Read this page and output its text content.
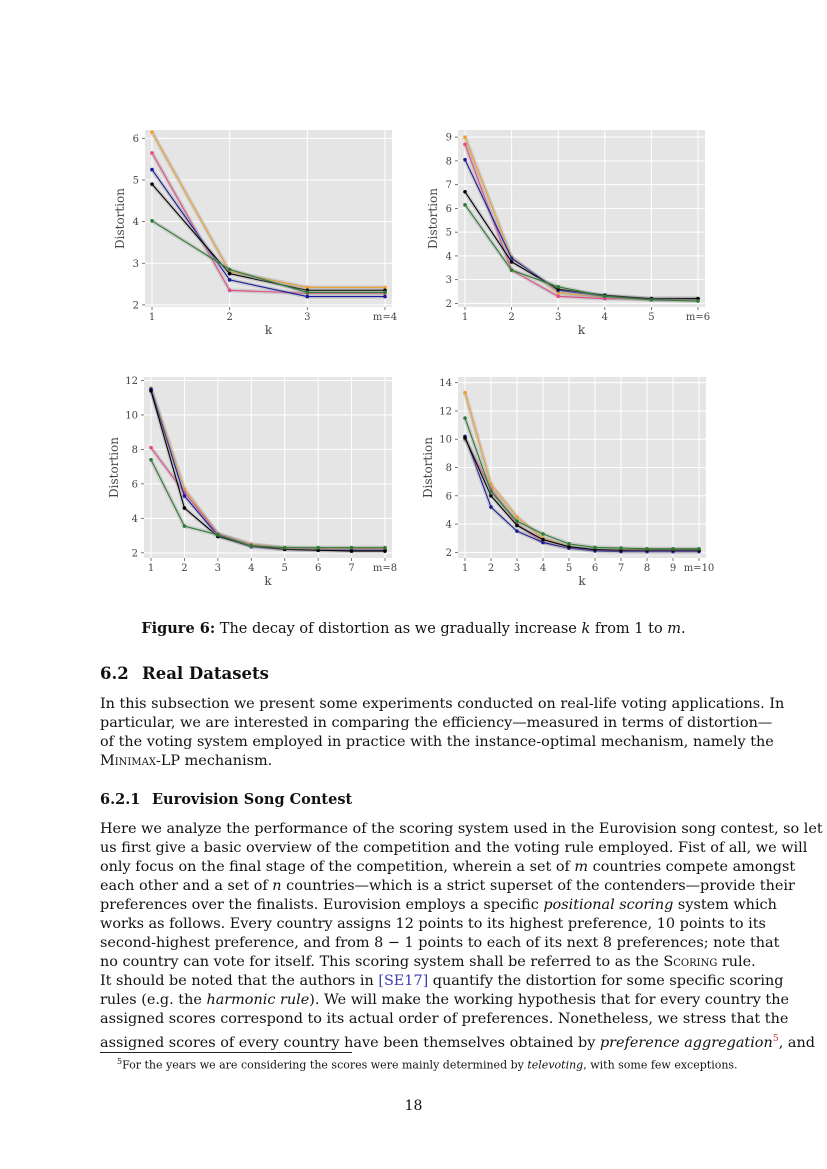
2
3
4
5
6
1	2	3	m=4
k
Distortion
2
3
4
5
6
7
8
9
1	2	3	4	5	m=6
k
Distortion
2
4
6
8
10
12
1	2	3	4	5	6	7 m=8
k
Distortion
2
4
6
8
10
12
14
1 2 3 4 5 6 7 8 9 m=10
k
Distortion
Figure 6: The decay of distortion as we gradually increase k from 1 to m.
6.2 Real Datasets
In this subsection we present some experiments conducted on real-life voting applications. In
particular, we are interested in comparing the efficiency—measured in terms of distortion—
of the voting system employed in practice with the instance-optimal mechanism, namely the
Minimax-LP mechanism.
6.2.1 Eurovision Song Contest
Here we analyze the performance of the scoring system used in the Eurovision song contest, so let
us first give a basic overview of the competition and the voting rule employed. Fist of all, we will
only focus on the final stage of the competition, wherein a set of m countries compete amongst
each other and a set of n countries—which is a strict superset of the contenders—provide their
preferences over the finalists. Eurovision employs a specific positional scoring system which
works as follows. Every country assigns 12 points to its highest preference, 10 points to its
second-highest preference, and from 8 − 1 points to each of its next 8 preferences; note that
no country can vote for itself. This scoring system shall be referred to as the Scoring rule.
It should be noted that the authors in [SE17] quantify the distortion for some specific scoring
rules (e.g. the harmonic rule). We will make the working hypothesis that for every country the
assigned scores correspond to its actual order of preferences. Nonetheless, we stress that the
assigned scores of every country have been themselves obtained by preference aggregation$^5$, and
$^5$For the years we are considering the scores were mainly determined by televoting, with some few exceptions.
18
